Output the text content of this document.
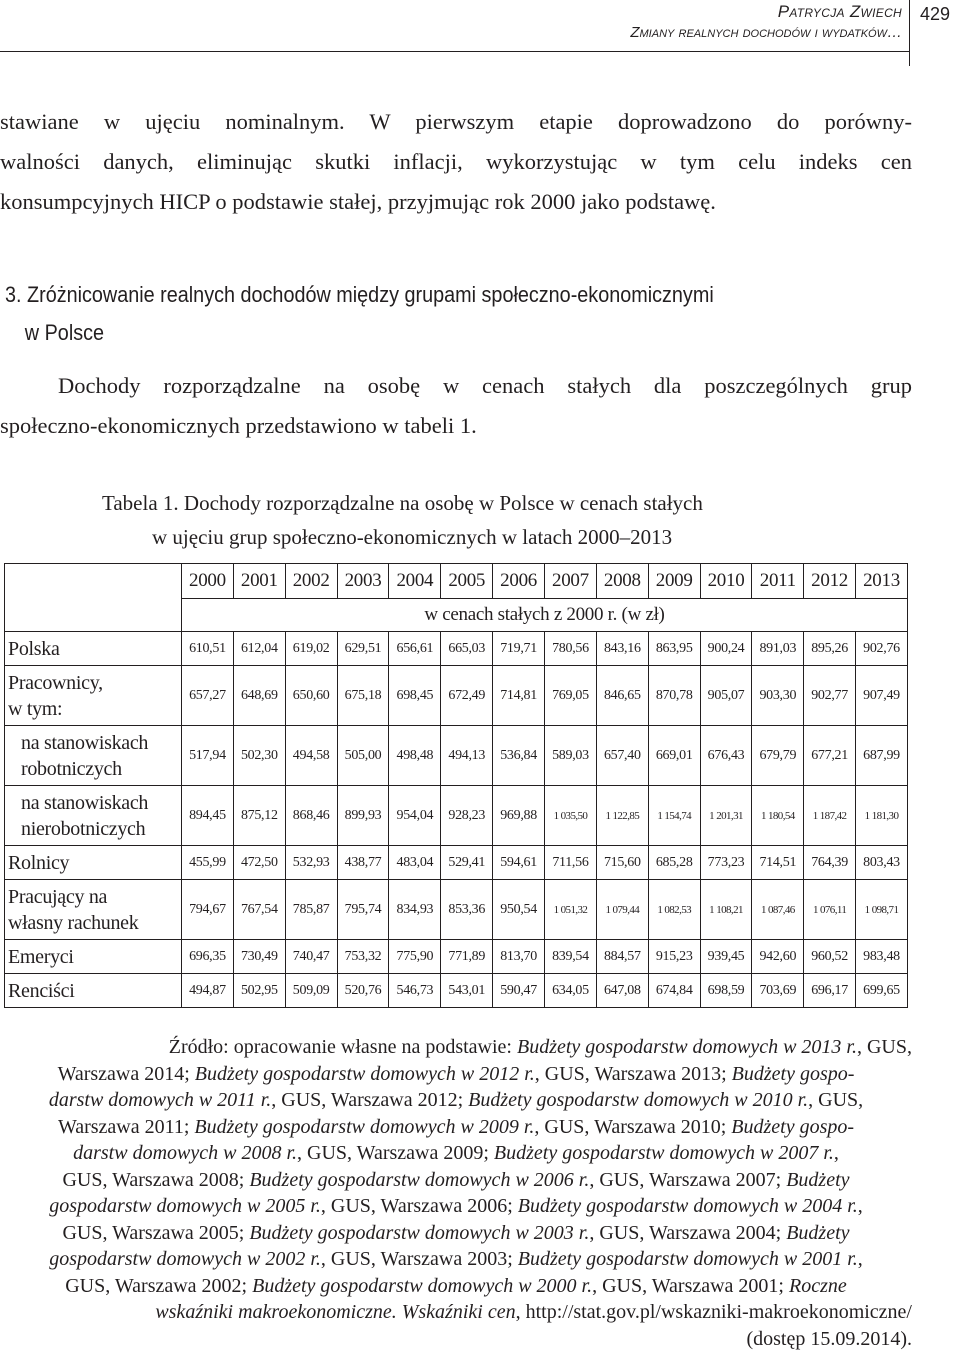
Patrycja Zwiech
Zmiany realnych dochodów i wydatków…
429

stawiane w ujęciu nominalnym. W pierwszym etapie doprowadzono do porówny-

walności danych, eliminując skutki inflacji, wykorzystując w tym celu indeks cen

konsumpcyjnych HICP o podstawie stałej, przyjmując rok 2000 jako podstawę.

3. Zróżnicowanie realnych dochodów między grupami społeczno-ekonomicznymi
w Polsce

Dochody rozporządzalne na osobę w cenach stałych dla poszczególnych grup

społeczno-ekonomicznych przedstawiono w tabeli 1.

Tabela 1. Dochody rozporządzalne na osobę w Polsce w cenach stałych
w ujęciu grup społeczno-ekonomicznych w latach 2000–2013
	2000	2001	2002	2003	2004	2005	2006	2007	2008	2009	2010	2011	2012	2013
	w cenach stałych z 2000 r. (w zł)													
Polska	610,51	612,04	619,02	629,51	656,61	665,03	719,71	780,56	843,16	863,95	900,24	891,03	895,26	902,76
Pracownicy,
w tym:	657,27	648,69	650,60	675,18	698,45	672,49	714,81	769,05	846,65	870,78	905,07	903,30	902,77	907,49
na stanowiskach
robotniczych	517,94	502,30	494,58	505,00	498,48	494,13	536,84	589,03	657,40	669,01	676,43	679,79	677,21	687,99
na stanowiskach
nierobotniczych	894,45	875,12	868,46	899,93	954,04	928,23	969,88	1 035,50	1 122,85	1 154,74	1 201,31	1 180,54	1 187,42	1 181,30
Rolnicy	455,99	472,50	532,93	438,77	483,04	529,41	594,61	711,56	715,60	685,28	773,23	714,51	764,39	803,43
Pracujący na
własny rachunek	794,67	767,54	785,87	795,74	834,93	853,36	950,54	1 051,32	1 079,44	1 082,53	1 108,21	1 087,46	1 076,11	1 098,71
Emeryci	696,35	730,49	740,47	753,32	775,90	771,89	813,70	839,54	884,57	915,23	939,45	942,60	960,52	983,48
Renciści	494,87	502,95	509,09	520,76	546,73	543,01	590,47	634,05	647,08	674,84	698,59	703,69	696,17	699,65

Źródło: opracowanie własne na podstawie: Budżety gospodarstw domowych w 2013 r., GUS,

Warszawa 2014; Budżety gospodarstw domowych w 2012 r., GUS, Warszawa 2013; Budżety gospo-

darstw domowych w 2011 r., GUS, Warszawa 2012; Budżety gospodarstw domowych w 2010 r., GUS,

Warszawa 2011; Budżety gospodarstw domowych w 2009 r., GUS, Warszawa 2010; Budżety gospo-

darstw domowych w 2008 r., GUS, Warszawa 2009; Budżety gospodarstw domowych w 2007 r.,

GUS, Warszawa 2008; Budżety gospodarstw domowych w 2006 r., GUS, Warszawa 2007; Budżety

gospodarstw domowych w 2005 r., GUS, Warszawa 2006; Budżety gospodarstw domowych w 2004 r.,

GUS, Warszawa 2005; Budżety gospodarstw domowych w 2003 r., GUS, Warszawa 2004; Budżety

gospodarstw domowych w 2002 r., GUS, Warszawa 2003; Budżety gospodarstw domowych w 2001 r.,

GUS, Warszawa 2002; Budżety gospodarstw domowych w 2000 r., GUS, Warszawa 2001; Roczne

wskaźniki makroekonomiczne. Wskaźniki cen, http://stat.gov.pl/wskazniki-makroekonomiczne/

(dostęp 15.09.2014).
